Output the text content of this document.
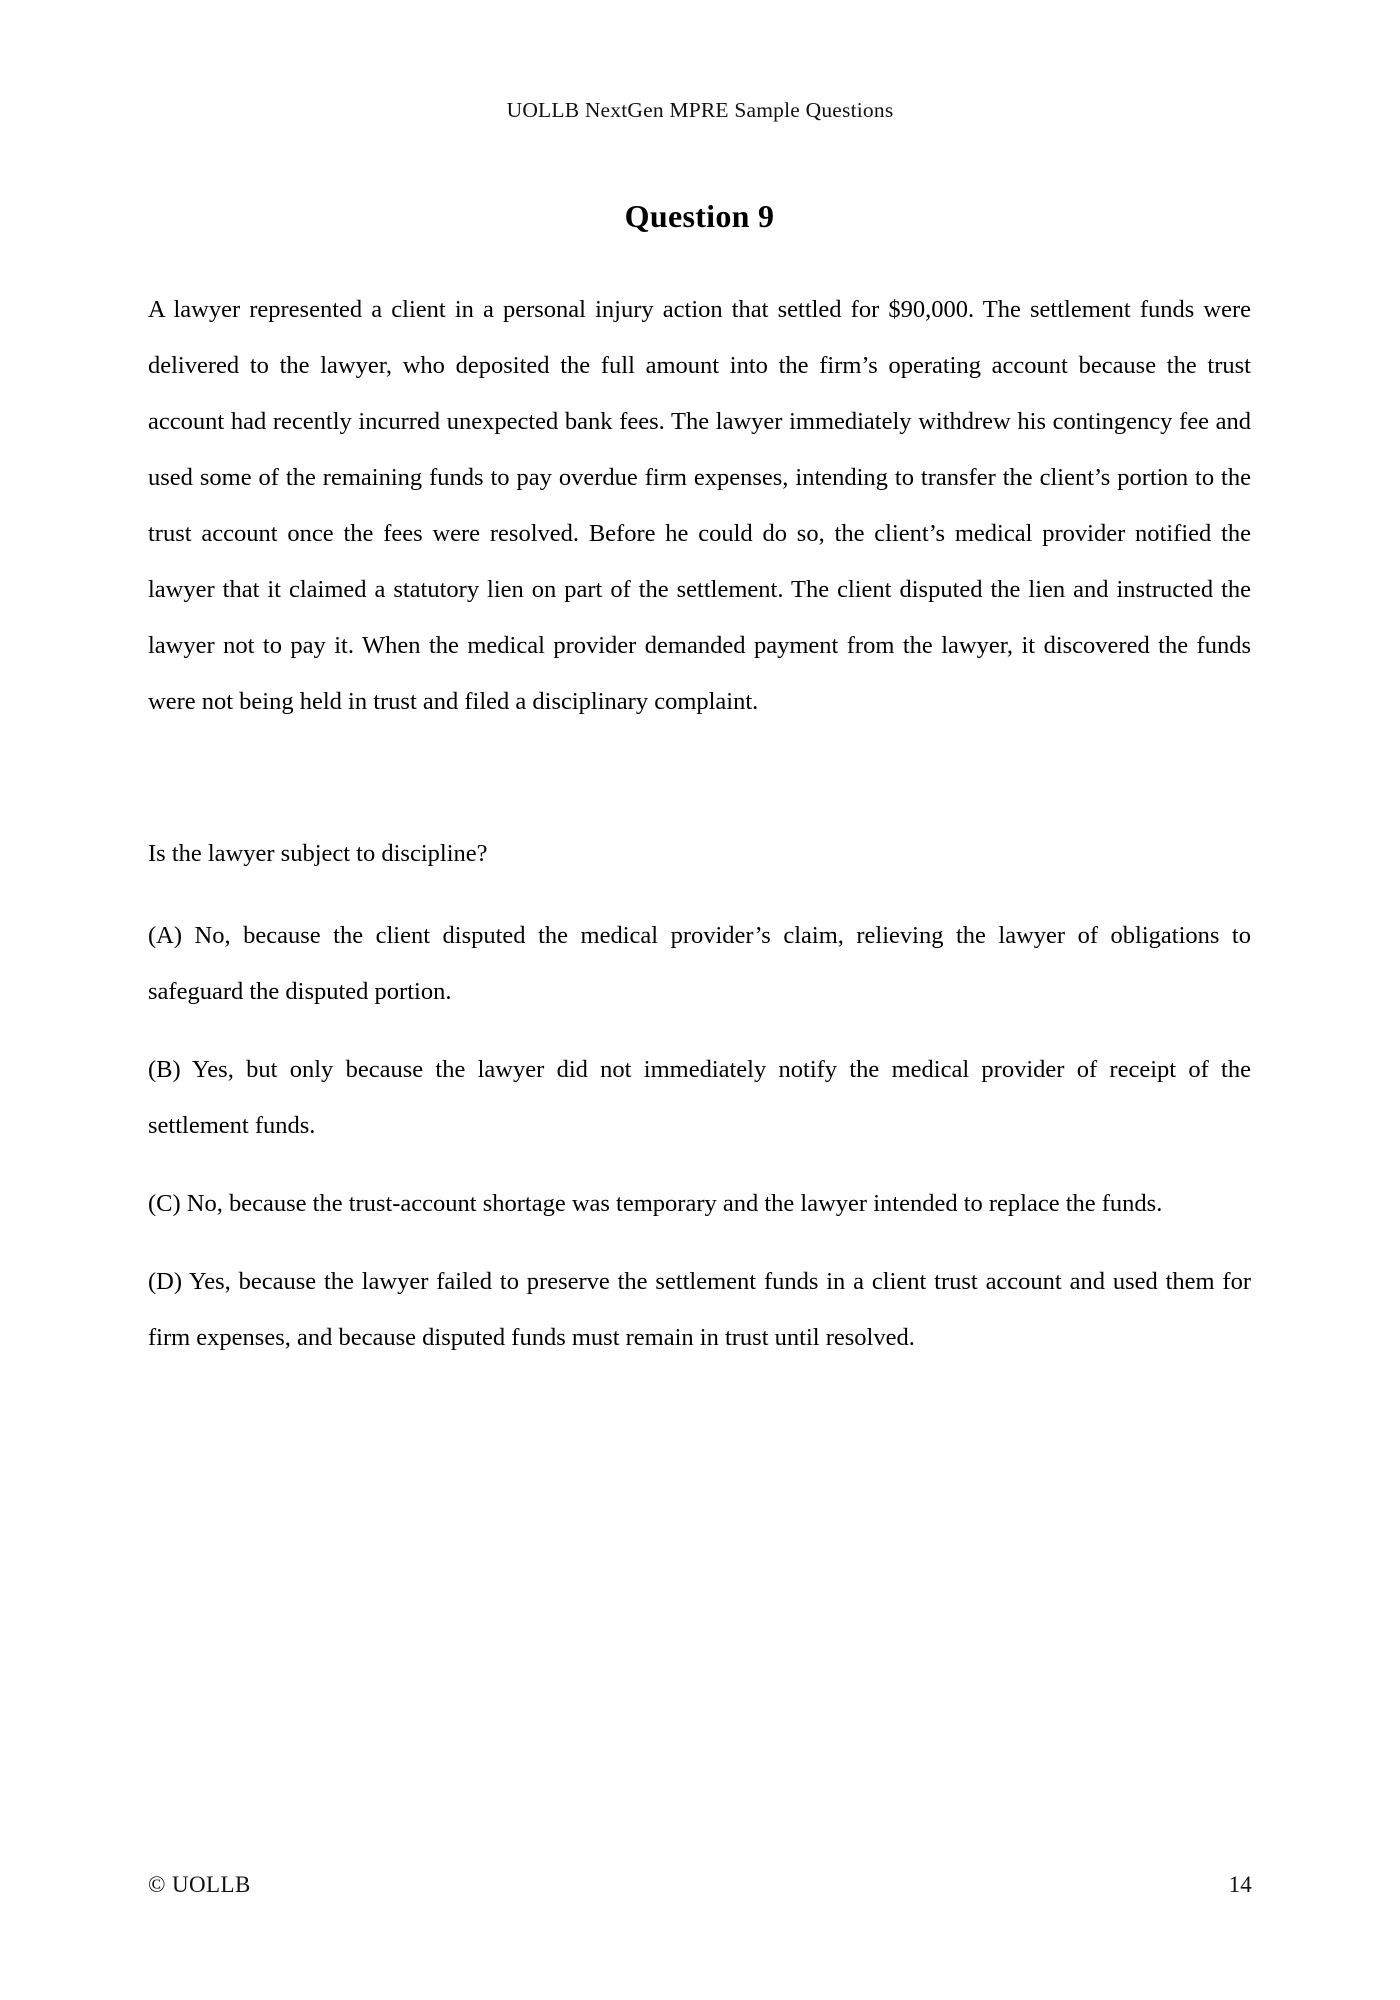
UOLLB NextGen MPRE Sample Questions
Question 9

A lawyer represented a client in a personal injury action that settled for $90,000. The settlement funds were delivered to the lawyer, who deposited the full amount into the firm’s operating account because the trust account had recently incurred unexpected bank fees. The lawyer immediately withdrew his contingency fee and used some of the remaining funds to pay overdue firm expenses, intending to transfer the client’s portion to the trust account once the fees were resolved. Before he could do so, the client’s medical provider notified the lawyer that it claimed a statutory lien on part of the settlement. The client disputed the lien and instructed the lawyer not to pay it. When the medical provider demanded payment from the lawyer, it discovered the funds were not being held in trust and filed a disciplinary complaint.

Is the lawyer subject to discipline?

(A) No, because the client disputed the medical provider’s claim, relieving the lawyer of obligations to safeguard the disputed portion.

(B) Yes, but only because the lawyer did not immediately notify the medical provider of receipt of the settlement funds.

(C) No, because the trust-account shortage was temporary and the lawyer intended to replace the funds.

(D) Yes, because the lawyer failed to preserve the settlement funds in a client trust account and used them for firm expenses, and because disputed funds must remain in trust until resolved.

© UOLLB	14
